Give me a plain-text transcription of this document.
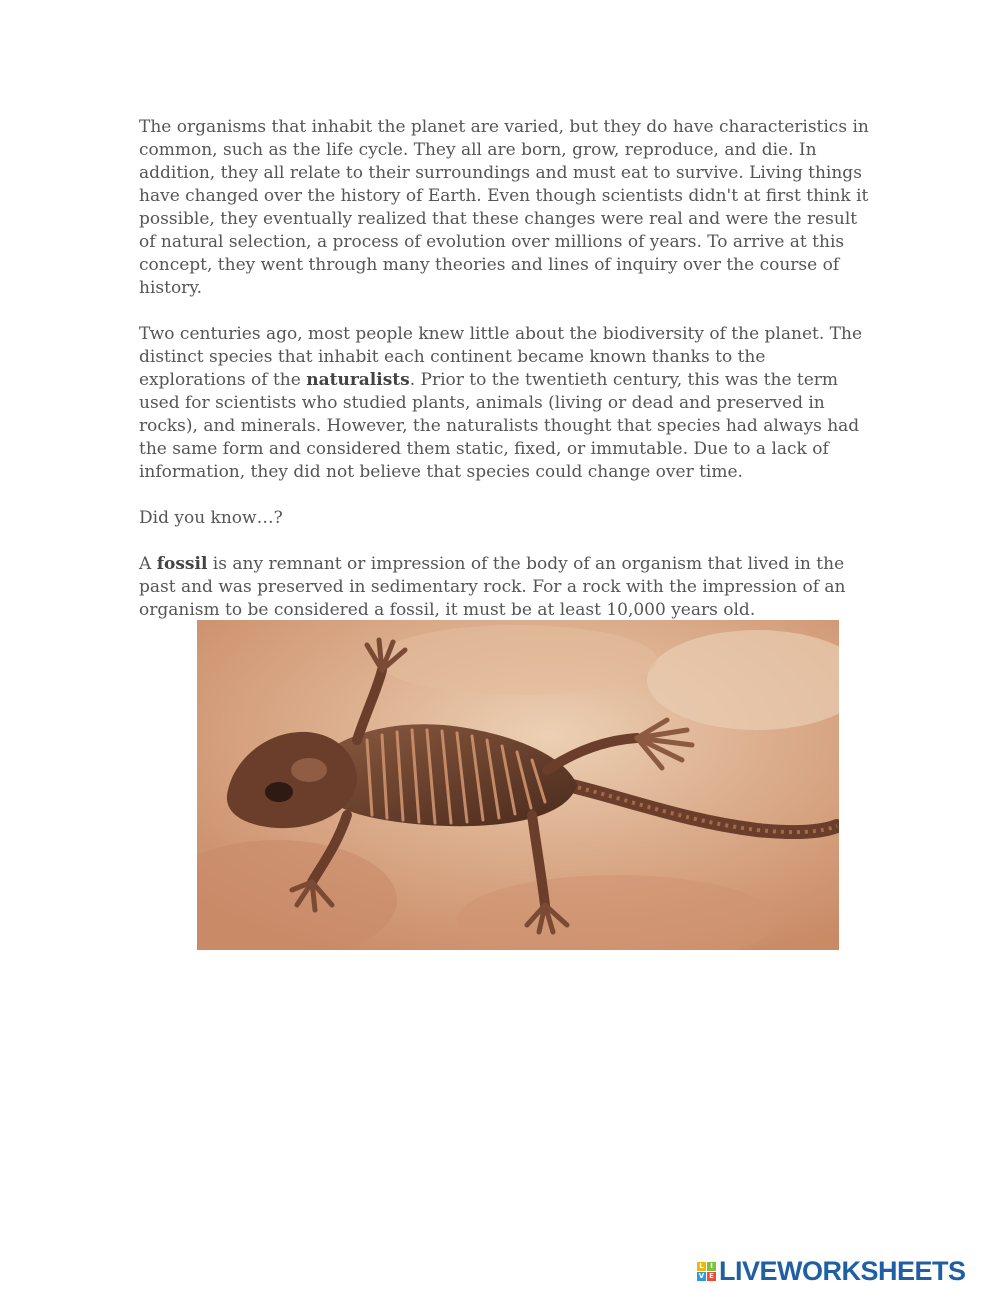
The organisms that inhabit the planet are varied, but they do have characteristics in common, such as the life cycle. They all are born, grow, reproduce, and die. In addition, they all relate to their surroundings and must eat to survive. Living things have changed over the history of Earth. Even though scientists didn't at first think it possible, they eventually realized that these changes were real and were the result of natural selection, a process of evolution over millions of years. To arrive at this concept, they went through many theories and lines of inquiry over the course of history.

Two centuries ago, most people knew little about the biodiversity of the planet. The distinct species that inhabit each continent became known thanks to the explorations of the naturalists. Prior to the twentieth century, this was the term used for scientists who studied plants, animals (living or dead and preserved in rocks), and minerals. However, the naturalists thought that species had always had the same form and considered them static, fixed, or immutable. Due to a lack of information, they did not believe that species could change over time.

Did you know…?

A fossil is any remnant or impression of the body of an organism that lived in the past and was preserved in sedimentary rock. For a rock with the impression of an organism to be considered a fossil, it must be at least 10,000 years old.

L I
V E LIVEWORKSHEETS
